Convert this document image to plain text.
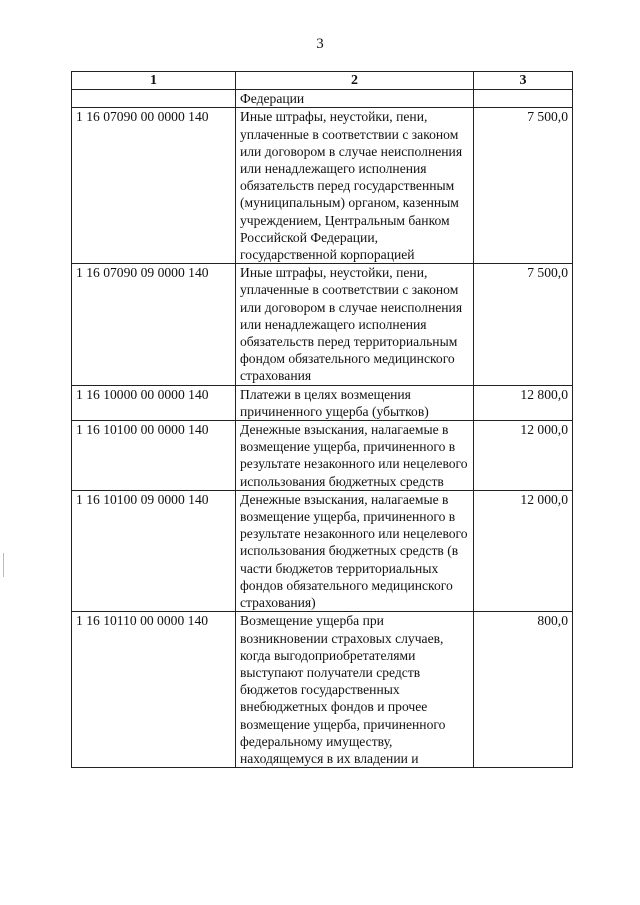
3
1	2	3
	Федерации	
1 16 07090 00 0000 140	Иные штрафы, неустойки, пени, уплаченные в соответствии с законом или договором в случае неисполнения или ненадлежащего исполнения обязательств перед государственным (муниципальным) органом, казенным учреждением, Центральным банком Российской Федерации, государственной корпорацией	7 500,0
1 16 07090 09 0000 140	Иные штрафы, неустойки, пени, уплаченные в соответствии с законом или договором в случае неисполнения или ненадлежащего исполнения обязательств перед территориальным фондом обязательного медицинского страхования	7 500,0
1 16 10000 00 0000 140	Платежи в целях возмещения причиненного ущерба (убытков)	12 800,0
1 16 10100 00 0000 140	Денежные взыскания, налагаемые в возмещение ущерба, причиненного в результате незаконного или нецелевого использования бюджетных средств	12 000,0
1 16 10100 09 0000 140	Денежные взыскания, налагаемые в возмещение ущерба, причиненного в результате незаконного или нецелевого использования бюджетных средств (в части бюджетов территориальных фондов обязательного медицинского страхования)	12 000,0
1 16 10110 00 0000 140	Возмещение ущерба при возникновении страховых случаев, когда выгодоприобретателями выступают получатели средств бюджетов государственных внебюджетных фондов и прочее возмещение ущерба, причиненного федеральному имуществу, находящемуся в их владении и	800,0
